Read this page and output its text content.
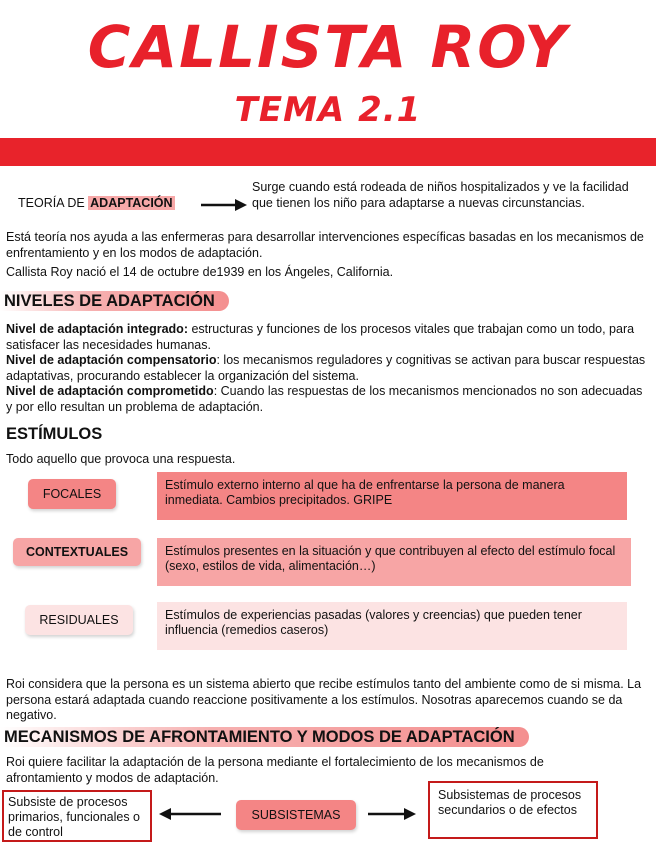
CALLISTA ROY
TEMA 2.1
TEORÍA DE ADAPTACIÓN
Surge cuando está rodeada de niños hospitalizados y ve la facilidad que tienen los niño para adaptarse a nuevas circunstancias.
Está teoría nos ayuda a las enfermeras para desarrollar intervenciones específicas basadas en los mecanismos de enfrentamiento y en los modos de adaptación.
Callista Roy nació el 14 de octubre de1939 en los Ángeles, California.
NIVELES DE ADAPTACIÓN
Nivel de adaptación integrado: estructuras y funciones de los procesos vitales que trabajan como un todo, para satisfacer las necesidades humanas.
Nivel de adaptación compensatorio: los mecanismos reguladores y cognitivas se activan para buscar respuestas adaptativas, procurando establecer la organización del sistema.
Nivel de adaptación comprometido: Cuando las respuestas de los mecanismos mencionados no son adecuadas y por ello resultan un problema de adaptación.
ESTÍMULOS
Todo aquello que provoca una respuesta.
FOCALES
Estímulo externo interno al que ha de enfrentarse la persona de manera inmediata. Cambios precipitados. GRIPE
CONTEXTUALES	Estímulos presentes en la situación y que contribuyen al efecto del estímulo focal (sexo, estilos de vida, alimentación…)
RESIDUALES	Estímulos de experiencias pasadas (valores y creencias) que pueden tener influencia (remedios caseros)
Roi considera que la persona es un sistema abierto que recibe estímulos tanto del ambiente como de si misma. La persona estará adaptada cuando reaccione positivamente a los estímulos. Nosotras aparecemos cuando se da negativo.
MECANISMOS DE AFRONTAMIENTO Y MODOS DE ADAPTACIÓN
Roi quiere facilitar la adaptación de la persona mediante el fortalecimiento de los mecanismos de afrontamiento y modos de adaptación.
Subsiste de procesos primarios, funcionales o de control
SUBSISTEMAS
Subsistemas de procesos secundarios o de efectos
